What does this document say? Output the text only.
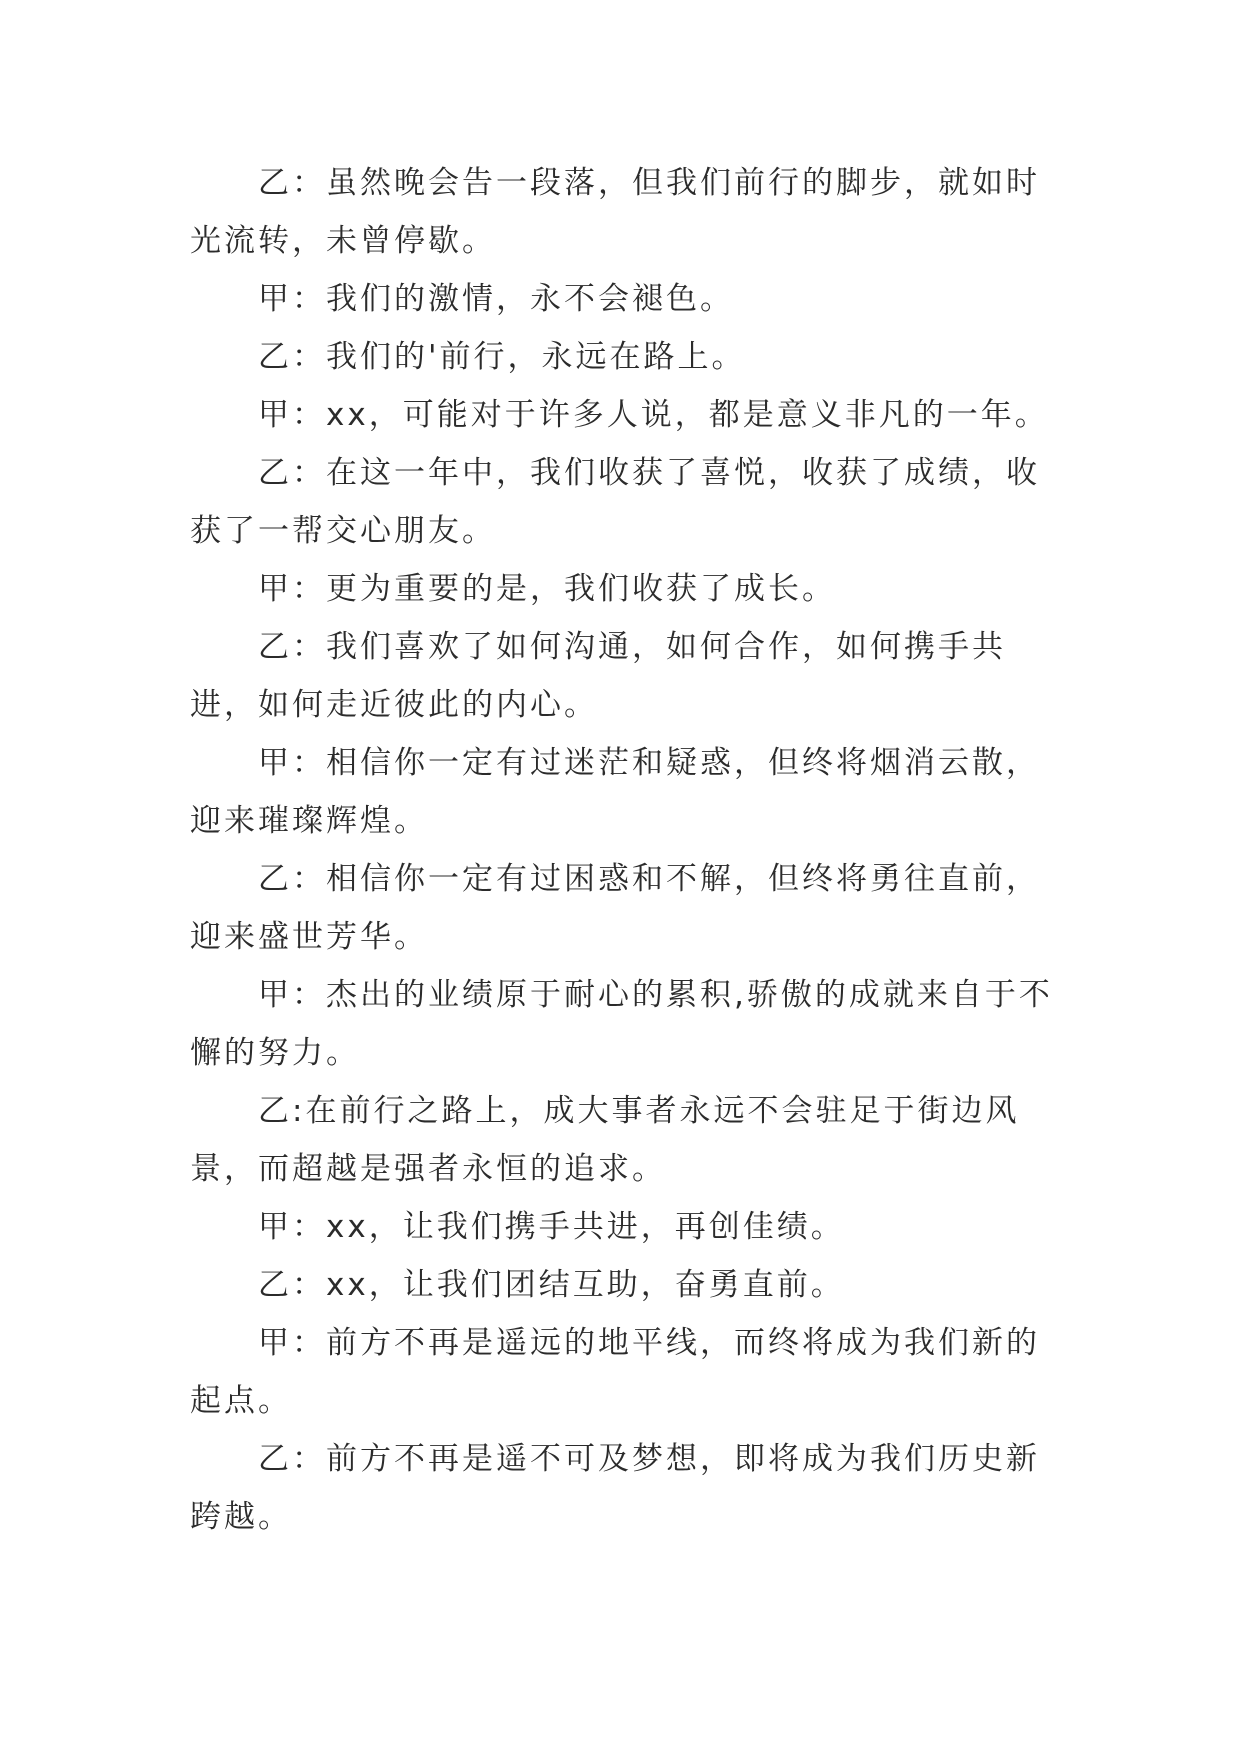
乙：虽然晚会告一段落，但我们前行的脚步，就如时光流转，未曾停歇。

甲：我们的激情，永不会褪色。

乙：我们的'前行，永远在路上。

甲：xx，可能对于许多人说，都是意义非凡的一年。

乙：在这一年中，我们收获了喜悦，收获了成绩，收获了一帮交心朋友。

甲：更为重要的是，我们收获了成长。

乙：我们喜欢了如何沟通，如何合作，如何携手共进，如何走近彼此的内心。

甲：相信你一定有过迷茫和疑惑，但终将烟消云散，迎来璀璨辉煌。

乙：相信你一定有过困惑和不解，但终将勇往直前，迎来盛世芳华。

甲：杰出的业绩原于耐心的累积,骄傲的成就来自于不懈的努力。

乙:在前行之路上，成大事者永远不会驻足于街边风景，而超越是强者永恒的追求。

甲：xx，让我们携手共进，再创佳绩。

乙：xx，让我们团结互助，奋勇直前。

甲：前方不再是遥远的地平线，而终将成为我们新的起点。

乙：前方不再是遥不可及梦想，即将成为我们历史新跨越。
